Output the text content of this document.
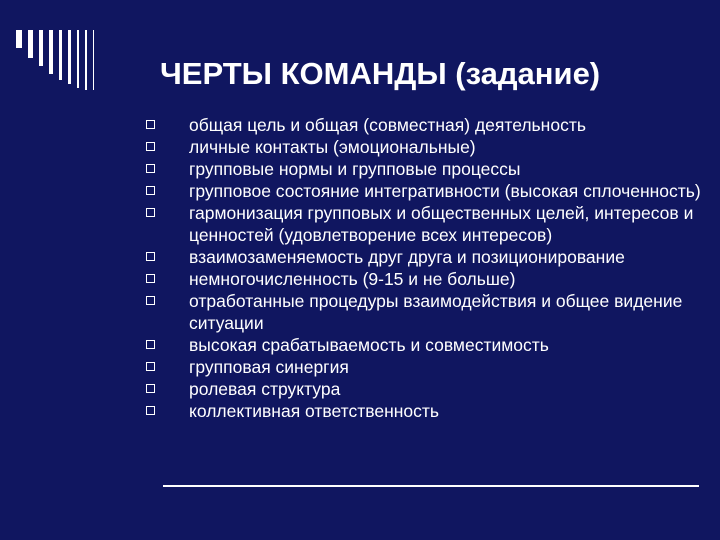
ЧЕРТЫ КОМАНДЫ (задание)
общая цель и общая (совместная) деятельность
личные контакты (эмоциональные)
групповые нормы и групповые процессы
групповое состояние интегративности (высокая сплоченность)
гармонизация групповых и общественных целей, интересов и ценностей (удовлетворение всех интересов)
взаимозаменяемость друг друга и позиционирование
немногочисленность (9-15 и не больше)
отработанные процедуры взаимодействия и общее видение ситуации
высокая срабатываемость и совместимость
групповая синергия
ролевая структура
коллективная ответственность
